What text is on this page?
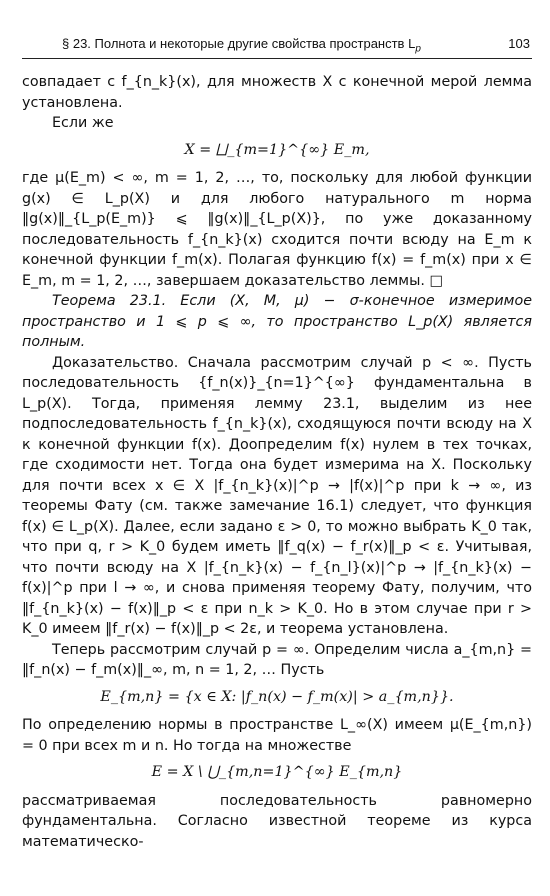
§ 23. Полнота и некоторые другие свойства пространств $L_p$	103

совпадает с f_{n_k}(x), для множеств X с конечной мерой лемма установлена.

Если же

X = ⨆_{m=1}^{∞} E_m,

где μ(E_m) < ∞, m = 1, 2, …, то, поскольку для любой функции g(x) ∈ L_p(X) и для любого натурального m норма ‖g(x)‖_{L_p(E_m)} ⩽ ‖g(x)‖_{L_p(X)}, по уже доказанному последовательность f_{n_k}(x) сходится почти всюду на E_m к конечной функции f_m(x). Полагая функцию f(x) = f_m(x) при x ∈ E_m, m = 1, 2, …, завершаем доказательство леммы. □

Теорема 23.1. Если (X, M, μ) − σ-конечное измеримое пространство и 1 ⩽ p ⩽ ∞, то пространство L_p(X) является полным.

Доказательство. Сначала рассмотрим случай p < ∞. Пусть последовательность {f_n(x)}_{n=1}^{∞} фундаментальна в L_p(X). Тогда, применяя лемму 23.1, выделим из нее подпоследовательность f_{n_k}(x), сходящуюся почти всюду на X к конечной функции f(x). Доопределим f(x) нулем в тех точках, где сходимости нет. Тогда она будет измерима на X. Поскольку для почти всех x ∈ X |f_{n_k}(x)|^p → |f(x)|^p при k → ∞, из теоремы Фату (см. также замечание 16.1) следует, что функция f(x) ∈ L_p(X). Далее, если задано ε > 0, то можно выбрать K_0 так, что при q, r > K_0 будем иметь ‖f_q(x) − f_r(x)‖_p < ε. Учитывая, что почти всюду на X |f_{n_k}(x) − f_{n_l}(x)|^p → |f_{n_k}(x) − f(x)|^p при l → ∞, и снова применяя теорему Фату, получим, что ‖f_{n_k}(x) − f(x)‖_p < ε при n_k > K_0. Но в этом случае при r > K_0 имеем ‖f_r(x) − f(x)‖_p < 2ε, и теорема установлена.

Теперь рассмотрим случай p = ∞. Определим числа a_{m,n} = ‖f_n(x) − f_m(x)‖_∞, m, n = 1, 2, … Пусть

E_{m,n} = {x ∈ X: |f_n(x) − f_m(x)| > a_{m,n}}.

По определению нормы в пространстве L_∞(X) имеем μ(E_{m,n}) = 0 при всех m и n. Но тогда на множестве

E = X \ ⋃_{m,n=1}^{∞} E_{m,n}

рассматриваемая последовательность равномерно фундаментальна. Согласно известной теореме из курса математическо-
